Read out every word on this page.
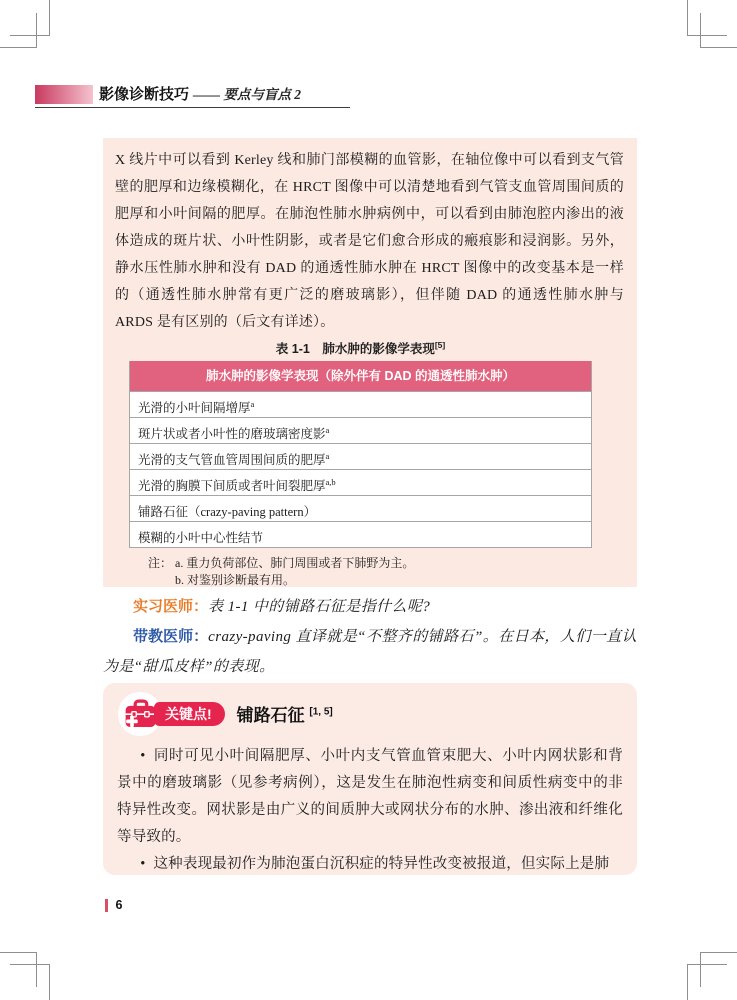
影像诊断技巧 —— 要点与盲点 2
X 线片中可以看到 Kerley 线和肺门部模糊的血管影，在轴位像中可以看到支气管壁的肥厚和边缘模糊化，在 HRCT 图像中可以清楚地看到气管支血管周围间质的肥厚和小叶间隔的肥厚。在肺泡性肺水肿病例中，可以看到由肺泡腔内渗出的液体造成的斑片状、小叶性阴影，或者是它们愈合形成的瘢痕影和浸润影。另外，静水压性肺水肿和没有 DAD 的通透性肺水肿在 HRCT 图像中的改变基本是一样的（通透性肺水肿常有更广泛的磨玻璃影），但伴随 DAD 的通透性肺水肿与 ARDS 是有区别的（后文有详述）。
表 1-1　肺水肿的影像学表现[5]
肺水肿的影像学表现（除外伴有 DAD 的通透性肺水肿）
光滑的小叶间隔增厚$^a$
斑片状或者小叶性的磨玻璃密度影$^a$
光滑的支气管血管周围间质的肥厚$^a$
光滑的胸膜下间质或者叶间裂肥厚$^{a,b}$
铺路石征（crazy-paving pattern）
模糊的小叶中心性结节
注： a. 重力负荷部位、肺门周围或者下肺野为主。
b. 对鉴别诊断最有用。

实习医师：表 1-1 中的铺路石征是指什么呢?

带教医师：crazy-paving 直译就是“不整齐的铺路石”。在日本，人们一直认为是“甜瓜皮样”的表现。

关键点!	铺路石征 [1, 5]

• 同时可见小叶间隔肥厚、小叶内支气管血管束肥大、小叶内网状影和背景中的磨玻璃影（见参考病例），这是发生在肺泡性病变和间质性病变中的非特异性改变。网状影是由广义的间质肿大或网状分布的水肿、渗出液和纤维化等导致的。

• 这种表现最初作为肺泡蛋白沉积症的特异性改变被报道，但实际上是肺

6
